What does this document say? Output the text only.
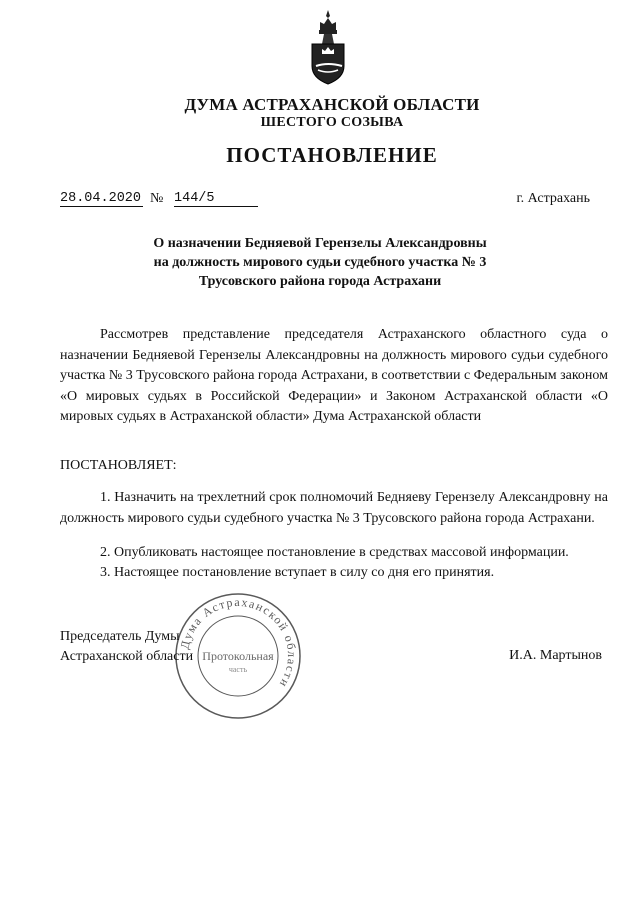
ДУМА АСТРАХАНСКОЙ ОБЛАСТИ
ШЕСТОГО СОЗЫВА
ПОСТАНОВЛЕНИЕ
28.04.2020 № 144/5	г. Астрахань
О назначении Бедняевой Герензелы Александровны
на должность мирового судьи судебного участка № 3
Трусовского района города Астрахани
Рассмотрев представление председателя Астраханского областного суда о назначении Бедняевой Герензелы Александровны на должность мирового судьи судебного участка № 3 Трусовского района города Астрахани, в соответствии с Федеральным законом «О мировых судьях в Российской Федерации» и Законом Астраханской области «О мировых судьях в Астраханской области» Дума Астраханской области
ПОСТАНОВЛЯЕТ:
1. Назначить на трехлетний срок полномочий Бедняеву Герензелу Александровну на должность мирового судьи судебного участка № 3 Трусовского района города Астрахани.
2. Опубликовать настоящее постановление в средствах массовой информации.
3. Настоящее постановление вступает в силу со дня его принятия.
Дума Астраханской области
Протокольная
часть
Председатель Думы
Астраханской области	И.А. Мартынов
